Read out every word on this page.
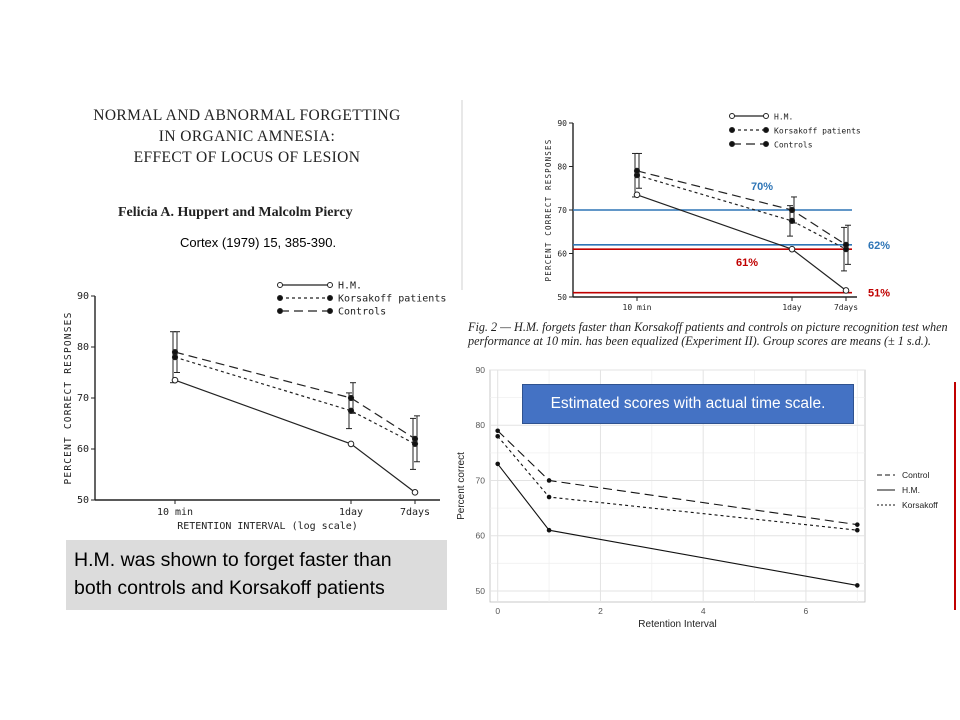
NORMAL AND ABNORMAL FORGETTING
IN ORGANIC AMNESIA:
EFFECT OF LOCUS OF LESION
Felicia A. Huppert and Malcolm Piercy
Cortex (1979) 15, 385-390.
90
80
70
60
50
10 min	1day	7days
RETENTION INTERVAL (log scale)
PERCENT CORRECT RESPONSES
H.M.
Korsakoff patients
Controls
90
80
70
60
50
10 min	1day	7days
PERCENT CORRECT RESPONSES
H.M.
Korsakoff patients
Controls
70%
62%
61%
51%
Fig. 2 — H.M. forgets faster than Korsakoff patients and controls on picture recognition test when performance at 10 min. has been equalized (Experiment II). Group scores are means (± 1 s.d.).
50
60
70
80
90
0	2	4	6
Retention Interval
Percent correct	Control
H.M.
Korsakoff
Estimated scores with actual time scale.
H.M. was shown to forget faster than
both controls and Korsakoff patients
